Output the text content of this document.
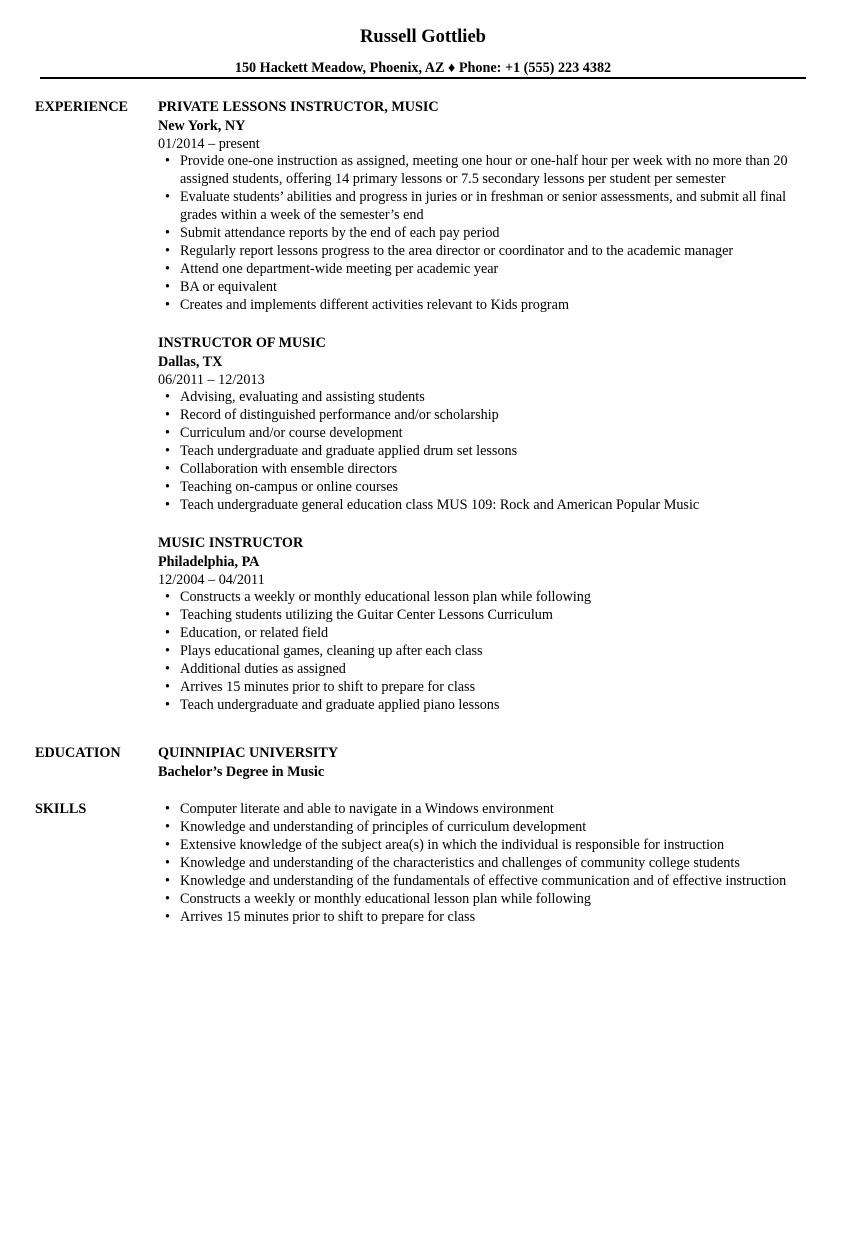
Russell Gottlieb
150 Hackett Meadow, Phoenix, AZ ♦ Phone: +1 (555) 223 4382
EXPERIENCE PRIVATE LESSONS INSTRUCTOR, MUSIC
New York, NY
01/2014 – present
• Provide one-one instruction as assigned, meeting one hour or one-half hour per week with no more than 20 assigned students, offering 14 primary lessons or 7.5 secondary lessons per student per semester
• Evaluate students’ abilities and progress in juries or in freshman or senior assessments, and submit all final grades within a week of the semester’s end
• Submit attendance reports by the end of each pay period
• Regularly report lessons progress to the area director or coordinator and to the academic manager
• Attend one department-wide meeting per academic year
• BA or equivalent
• Creates and implements different activities relevant to Kids program
INSTRUCTOR OF MUSIC
Dallas, TX
06/2011 – 12/2013
• Advising, evaluating and assisting students
• Record of distinguished performance and/or scholarship
• Curriculum and/or course development
• Teach undergraduate and graduate applied drum set lessons
• Collaboration with ensemble directors
• Teaching on-campus or online courses
• Teach undergraduate general education class MUS 109: Rock and American Popular Music
MUSIC INSTRUCTOR
Philadelphia, PA
12/2004 – 04/2011
• Constructs a weekly or monthly educational lesson plan while following
• Teaching students utilizing the Guitar Center Lessons Curriculum
• Education, or related field
• Plays educational games, cleaning up after each class
• Additional duties as assigned
• Arrives 15 minutes prior to shift to prepare for class
• Teach undergraduate and graduate applied piano lessons
EDUCATION	QUINNIPIAC UNIVERSITY
Bachelor’s Degree in Music
SKILLS	• Computer literate and able to navigate in a Windows environment
• Knowledge and understanding of principles of curriculum development
• Extensive knowledge of the subject area(s) in which the individual is responsible for instruction
• Knowledge and understanding of the characteristics and challenges of community college students
• Knowledge and understanding of the fundamentals of effective communication and of effective instruction
• Constructs a weekly or monthly educational lesson plan while following
• Arrives 15 minutes prior to shift to prepare for class
